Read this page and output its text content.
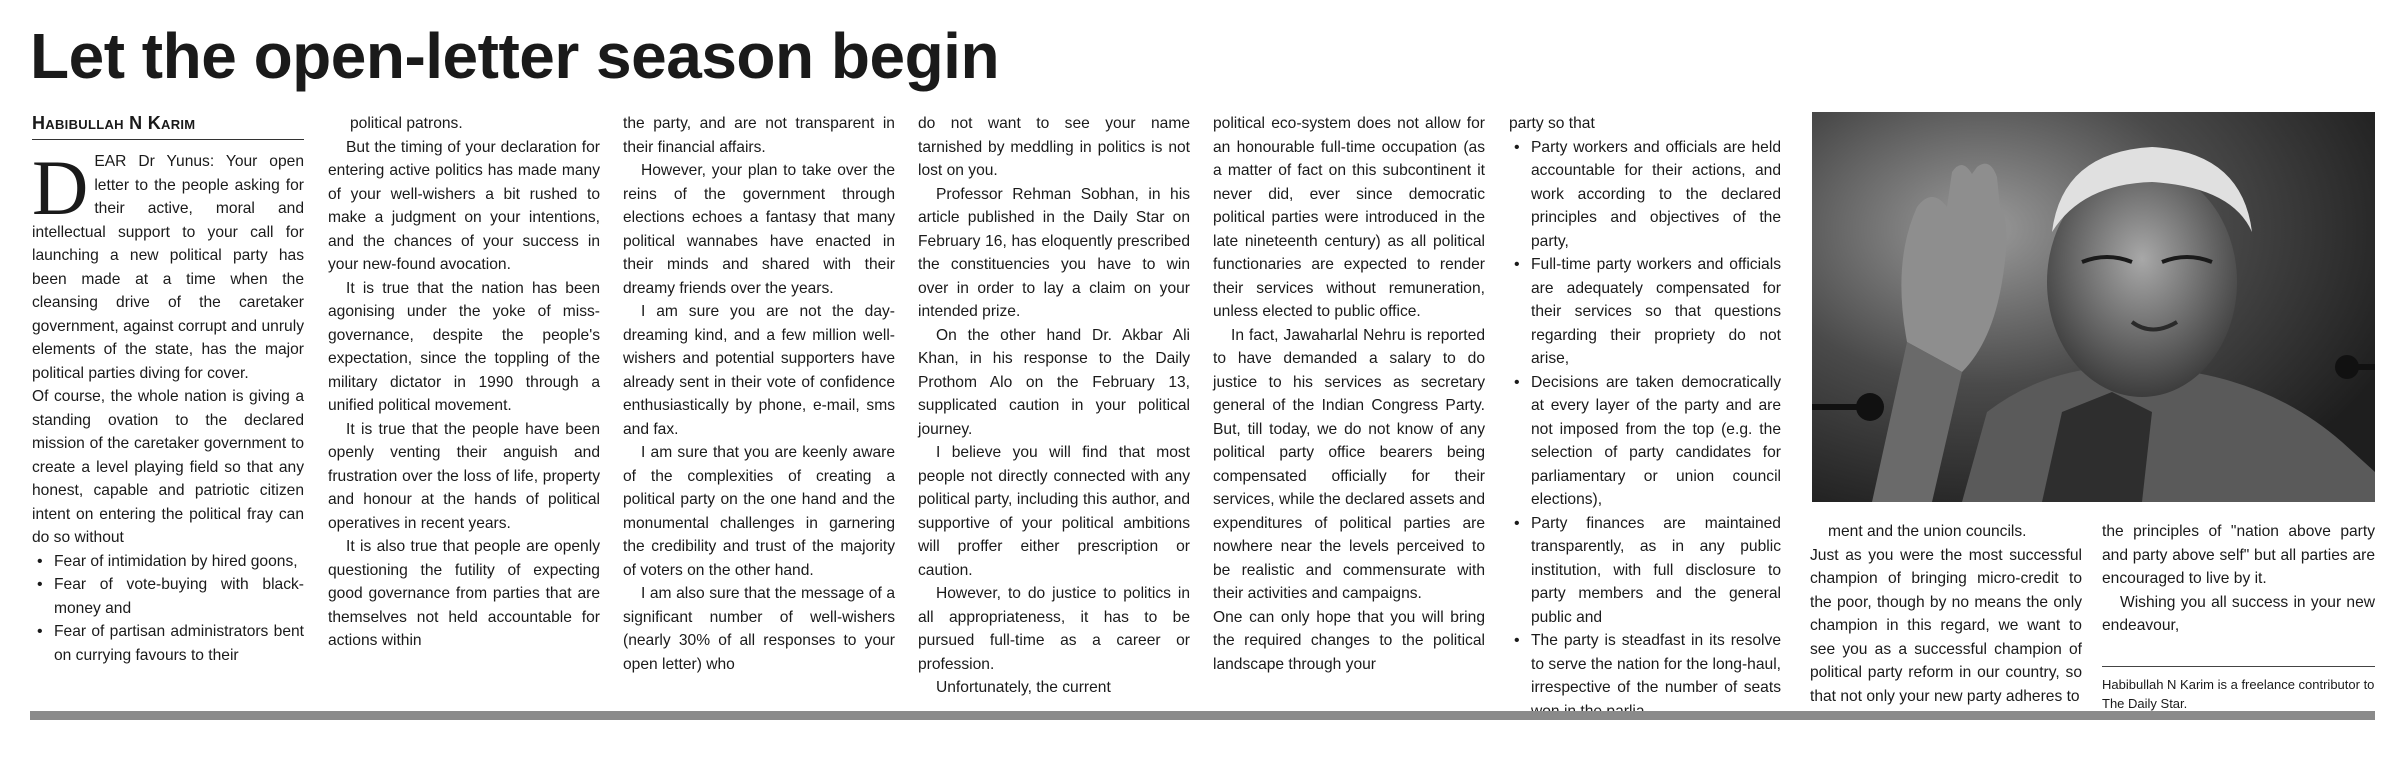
Let the open-letter season begin
Habibullah N Karim

DEAR Dr Yunus: Your open letter to the people asking for their active, moral and intellectual support to your call for launching a new political party has been made at a time when the cleansing drive of the caretaker government, against corrupt and unruly elements of the state, has the major political parties diving for cover.

Of course, the whole nation is giving a standing ovation to the declared mission of the caretaker government to create a level playing field so that any honest, capable and patriotic citizen intent on entering the political fray can do so without

• Fear of intimidation by hired goons,
• Fear of vote-buying with black-money and
• Fear of partisan administrators bent on currying favours to their

political patrons.

But the timing of your declaration for entering active politics has made many of your well-wishers a bit rushed to make a judgment on your intentions, and the chances of your success in your new-found avocation.

It is true that the nation has been agonising under the yoke of miss-governance, despite the people's expectation, since the toppling of the military dictator in 1990 through a unified political movement.

It is true that the people have been openly venting their anguish and frustration over the loss of life, property and honour at the hands of political operatives in recent years.

It is also true that people are openly questioning the futility of expecting good governance from parties that are themselves not held accountable for actions within

the party, and are not transparent in their financial affairs.

However, your plan to take over the reins of the government through elections echoes a fantasy that many political wannabes have enacted in their minds and shared with their dreamy friends over the years.

I am sure you are not the day-dreaming kind, and a few million well-wishers and potential supporters have already sent in their vote of confidence enthusiastically by phone, e-mail, sms and fax.

I am sure that you are keenly aware of the complexities of creating a political party on the one hand and the monumental challenges in garnering the credibility and trust of the majority of voters on the other hand.

I am also sure that the message of a significant number of well-wishers (nearly 30% of all responses to your open letter) who

do not want to see your name tarnished by meddling in politics is not lost on you.

Professor Rehman Sobhan, in his article published in the Daily Star on February 16, has eloquently prescribed the constituencies you have to win over in order to lay a claim on your intended prize.

On the other hand Dr. Akbar Ali Khan, in his response to the Daily Prothom Alo on the February 13, supplicated caution in your political journey.

I believe you will find that most people not directly connected with any political party, including this author, and supportive of your political ambitions will proffer either prescription or caution.

However, to do justice to politics in all appropriateness, it has to be pursued full-time as a career or profession.

Unfortunately, the current

political eco-system does not allow for an honourable full-time occupation (as a matter of fact on this subcontinent it never did, ever since democratic political parties were introduced in the late nineteenth century) as all political functionaries are expected to render their services without remuneration, unless elected to public office.

In fact, Jawaharlal Nehru is reported to have demanded a salary to do justice to his services as secretary general of the Indian Congress Party. But, till today, we do not know of any political party office bearers being compensated officially for their services, while the declared assets and expenditures of political parties are nowhere near the levels perceived to be realistic and commensurate with their activities and campaigns.

One can only hope that you will bring the required changes to the political landscape through your

party so that

• Party workers and officials are held accountable for their actions, and work according to the declared principles and objectives of the party,
• Full-time party workers and officials are adequately compensated for their services so that questions regarding their propriety do not arise,
• Decisions are taken democratically at every layer of the party and are not imposed from the top (e.g. the selection of party candidates for parliamentary or union council elections),
• Party finances are maintained transparently, as in any public institution, with full disclosure to party members and the general public and
• The party is steadfast in its resolve to serve the nation for the long-haul, irrespective of the number of seats

ment and the union councils.

Just as you were the most successful champion of bringing micro-credit to the poor, though by no means the only champion in this regard, we want to see you as a successful champion of political party reform in our country, so that not only your new party adheres to

the principles of "nation above party and party above self" but all parties are encouraged to live by it.

Wishing you all success in your new endeavour,

Habibullah N Karim is a freelance contributor to The Daily Star.
